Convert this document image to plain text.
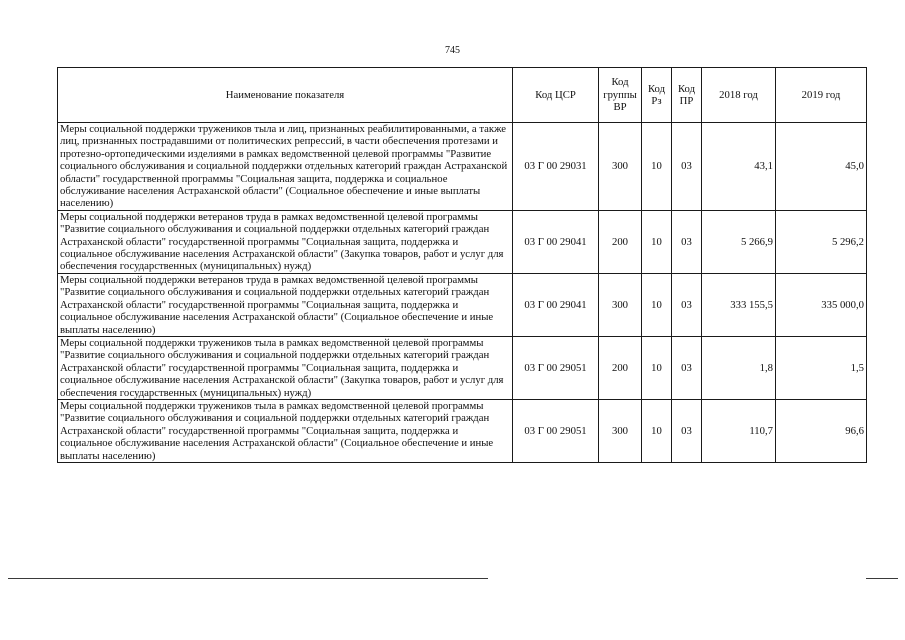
745
Наименование показателя	Код ЦСР	Код группы ВР	Код Рз	Код ПР	2018 год	2019 год
Меры социальной поддержки тружеников тыла и лиц, признанных реабилитированными, а также лиц, признанных пострадавшими от политических репрессий, в части обеспечения протезами и протезно-ортопедическими изделиями в рамках ведомственной целевой программы "Развитие социального обслуживания и социальной поддержки отдельных категорий граждан Астраханской области" государственной программы "Социальная защита, поддержка и социальное обслуживание населения Астраханской области" (Социальное обеспечение и иные выплаты населению)	03 Г 00 29031	300	10	03	43,1	45,0
Меры социальной поддержки ветеранов труда в рамках ведомственной целевой программы "Развитие социального обслуживания и социальной поддержки отдельных категорий граждан Астраханской области" государственной программы "Социальная защита, поддержка и социальное обслуживание населения Астраханской области" (Закупка товаров, работ и услуг для обеспечения государственных (муниципальных) нужд)	03 Г 00 29041	200	10	03	5 266,9	5 296,2
Меры социальной поддержки ветеранов труда в рамках ведомственной целевой программы "Развитие социального обслуживания и социальной поддержки отдельных категорий граждан Астраханской области" государственной программы "Социальная защита, поддержка и социальное обслуживание населения Астраханской области" (Социальное обеспечение и иные выплаты населению)	03 Г 00 29041	300	10	03	333 155,5	335 000,0
Меры социальной поддержки тружеников тыла в рамках ведомственной целевой программы "Развитие социального обслуживания и социальной поддержки отдельных категорий граждан Астраханской области" государственной программы "Социальная защита, поддержка и социальное обслуживание населения Астраханской области" (Закупка товаров, работ и услуг для обеспечения государственных (муниципальных) нужд)	03 Г 00 29051	200	10	03	1,8	1,5
Меры социальной поддержки тружеников тыла в рамках ведомственной целевой программы "Развитие социального обслуживания и социальной поддержки отдельных категорий граждан Астраханской области" государственной программы "Социальная защита, поддержка и социальное обслуживание населения Астраханской области" (Социальное обеспечение и иные выплаты населению)	03 Г 00 29051	300	10	03	110,7	96,6
